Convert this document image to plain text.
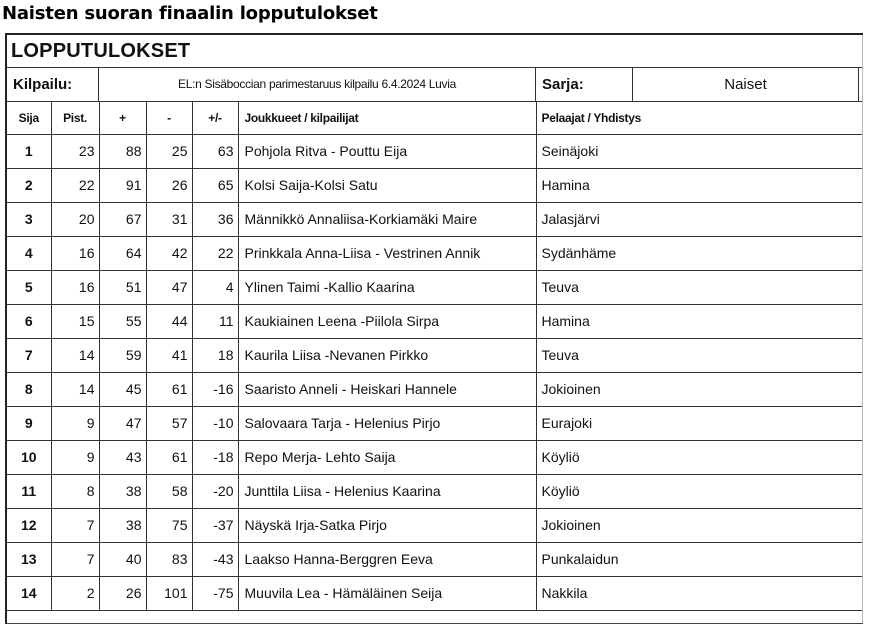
Naisten suoran finaalin lopputulokset
LOPPUTULOKSET
Kilpailu:	EL:n Sisäboccian parimestaruus kilpailu 6.4.2024 Luvia	Sarja:	Naiset
Sija	Pist.	+	-	+/-	Joukkueet / kilpailijat	Pelaajat / Yhdistys
1	23	88	25	63	Pohjola Ritva - Pouttu Eija	Seinäjoki
2	22	91	26	65	Kolsi Saija-Kolsi Satu	Hamina
3	20	67	31	36	Männikkö Annaliisa-Korkiamäki Maire	Jalasjärvi
4	16	64	42	22	Prinkkala Anna-Liisa - Vestrinen Annik	Sydänhäme
5	16	51	47	4	Ylinen Taimi -Kallio Kaarina	Teuva
6	15	55	44	11	Kaukiainen Leena -Piilola Sirpa	Hamina
7	14	59	41	18	Kaurila Liisa -Nevanen Pirkko	Teuva
8	14	45	61	-16	Saaristo Anneli - Heiskari Hannele	Jokioinen
9	9	47	57	-10	Salovaara Tarja - Helenius Pirjo	Eurajoki
10	9	43	61	-18	Repo Merja- Lehto Saija	Köyliö
11	8	38	58	-20	Junttila Liisa - Helenius Kaarina	Köyliö
12	7	38	75	-37	Näyskä Irja-Satka Pirjo	Jokioinen
13	7	40	83	-43	Laakso Hanna-Berggren Eeva	Punkalaidun
14	2	26	101	-75	Muuvila Lea - Hämäläinen Seija	Nakkila
